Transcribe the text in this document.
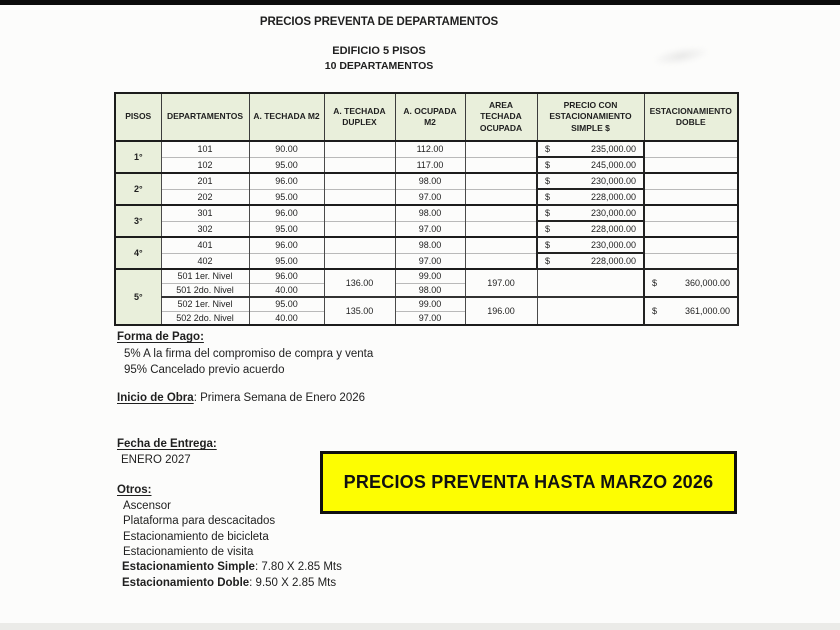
PRECIOS PREVENTA DE DEPARTAMENTOS
EDIFICIO 5 PISOS
10 DEPARTAMENTOS
PISOS	DEPARTAMENTOS	A. TECHADA M2	A. TECHADA DUPLEX	A. OCUPADA M2	AREA TECHADA OCUPADA	PRECIO CON ESTACIONAMIENTO SIMPLE $	ESTACIONAMIENTO DOBLE
1°	101	90.00		112.00		$ 235,000.00	

	102	95.00		117.00		$ 245,000.00	

2°	201	96.00		98.00		$ 230,000.00	

	202	95.00		97.00		$ 228,000.00	

3°	301	96.00		98.00		$ 230,000.00	

	302	95.00		97.00		$ 228,000.00	

4°	401	96.00		98.00		$ 230,000.00	

	402	95.00		97.00		$ 228,000.00	

5°	501 1er. Nivel	96.00	136.00	99.00	197.00		$ 360,000.00

	501 2do. Nivel	40.00		98.00			
	502 1er. Nivel	95.00	135.00	99.00	196.00		$ 361,000.00

	502 2do. Nivel	40.00		97.00			
Forma de Pago:
5% A la firma del compromiso de compra y venta
95% Cancelado previo acuerdo
Inicio de Obra: Primera Semana de Enero 2026
Fecha de Entrega:
ENERO 2027
Otros:
Ascensor
Plataforma para descacitados
Estacionamiento de bicicleta
Estacionamiento de visita
Estacionamiento Simple: 7.80 X 2.85 Mts
Estacionamiento Doble: 9.50 X 2.85 Mts
PRECIOS PREVENTA HASTA MARZO 2026
